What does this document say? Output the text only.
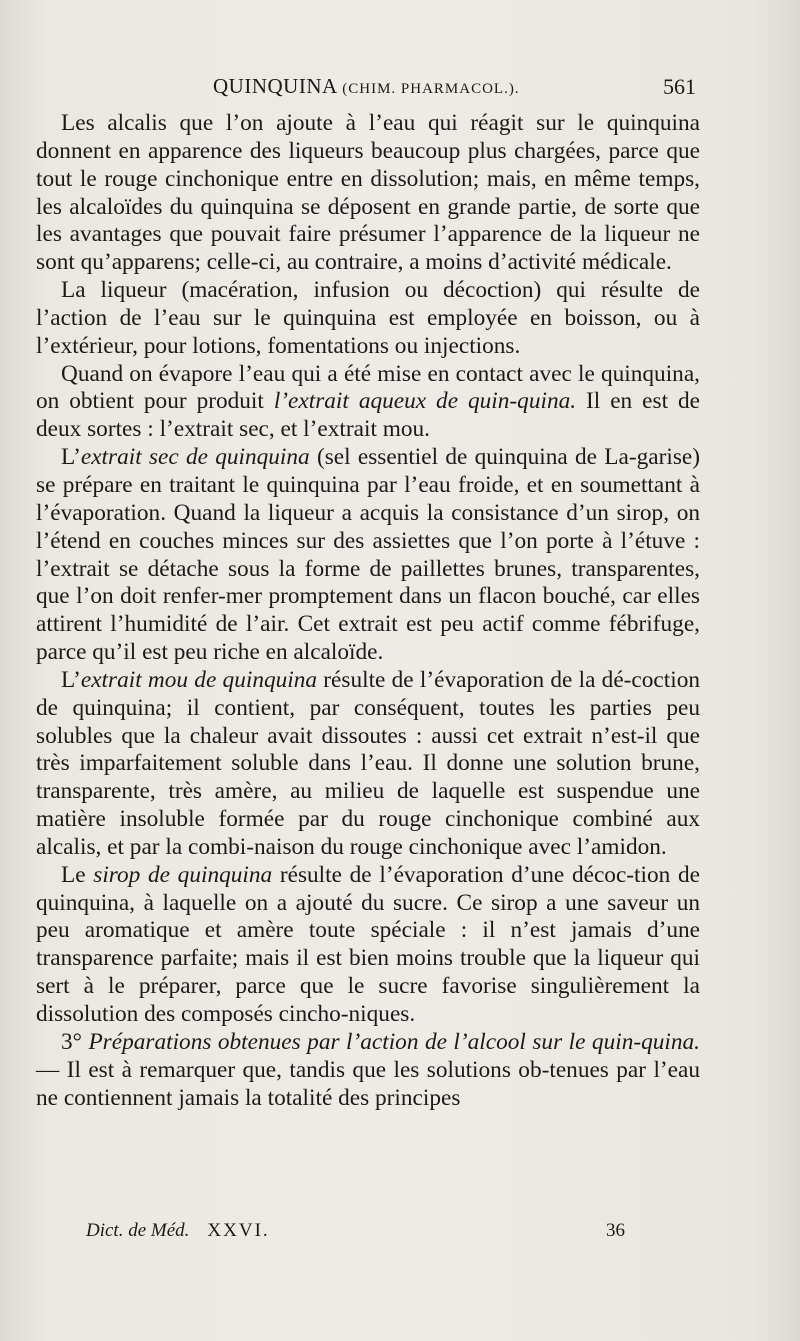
QUINQUINA (CHIM. PHARMACOL.).	561

Les alcalis que l’on ajoute à l’eau qui réagit sur le quinquina donnent en apparence des liqueurs beaucoup plus chargées, parce que tout le rouge cinchonique entre en dissolution; mais, en même temps, les alcaloïdes du quinquina se déposent en grande partie, de sorte que les avantages que pouvait faire présumer l’apparence de la liqueur ne sont qu’apparens; celle-ci, au contraire, a moins d’activité médicale.

La liqueur (macération, infusion ou décoction) qui résulte de l’action de l’eau sur le quinquina est employée en boisson, ou à l’extérieur, pour lotions, fomentations ou injections.

Quand on évapore l’eau qui a été mise en contact avec le quinquina, on obtient pour produit l’extrait aqueux de quin-quina. Il en est de deux sortes : l’extrait sec, et l’extrait mou.

L’extrait sec de quinquina (sel essentiel de quinquina de La-garise) se prépare en traitant le quinquina par l’eau froide, et en soumettant à l’évaporation. Quand la liqueur a acquis la consistance d’un sirop, on l’étend en couches minces sur des assiettes que l’on porte à l’étuve : l’extrait se détache sous la forme de paillettes brunes, transparentes, que l’on doit renfer-mer promptement dans un flacon bouché, car elles attirent l’humidité de l’air. Cet extrait est peu actif comme fébrifuge, parce qu’il est peu riche en alcaloïde.

L’extrait mou de quinquina résulte de l’évaporation de la dé-coction de quinquina; il contient, par conséquent, toutes les parties peu solubles que la chaleur avait dissoutes : aussi cet extrait n’est-il que très imparfaitement soluble dans l’eau. Il donne une solution brune, transparente, très amère, au milieu de laquelle est suspendue une matière insoluble formée par du rouge cinchonique combiné aux alcalis, et par la combi-naison du rouge cinchonique avec l’amidon.

Le sirop de quinquina résulte de l’évaporation d’une décoc-tion de quinquina, à laquelle on a ajouté du sucre. Ce sirop a une saveur un peu aromatique et amère toute spéciale : il n’est jamais d’une transparence parfaite; mais il est bien moins trouble que la liqueur qui sert à le préparer, parce que le sucre favorise singulièrement la dissolution des composés cincho-niques.

3° Préparations obtenues par l’action de l’alcool sur le quin-quina. — Il est à remarquer que, tandis que les solutions ob-tenues par l’eau ne contiennent jamais la totalité des principes

Dict. de Méd. XXVI.	36
